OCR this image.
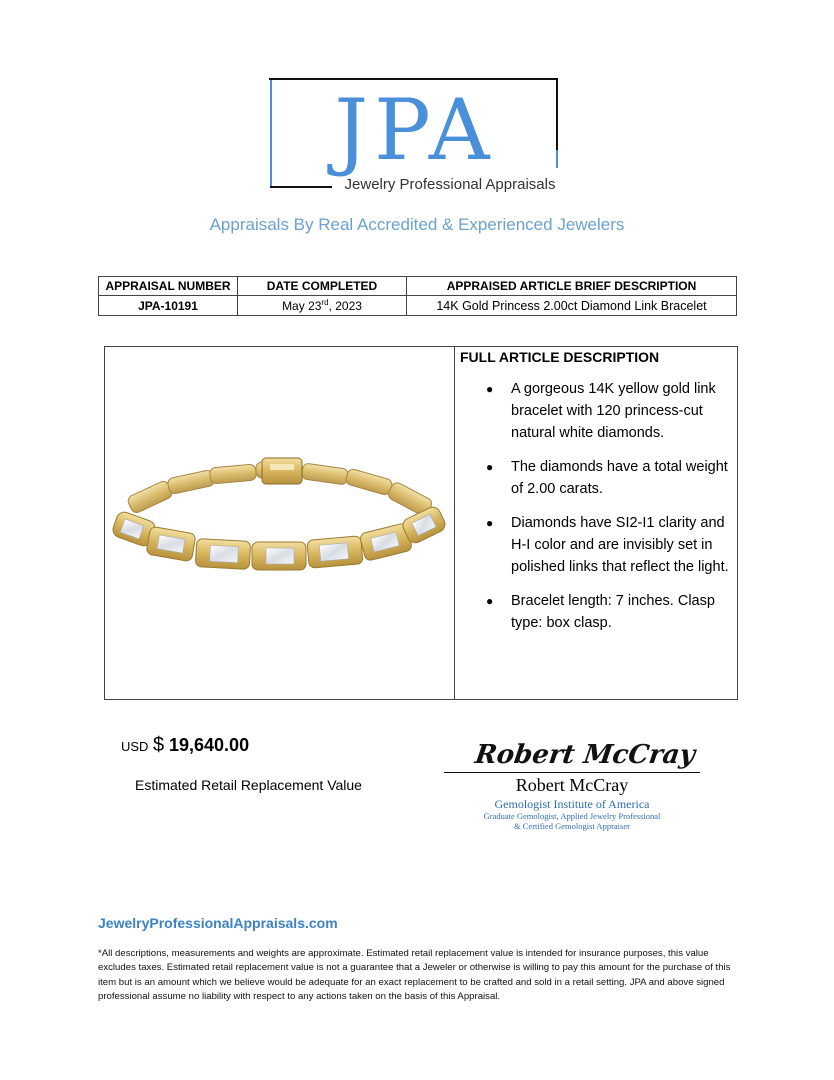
JPA
Jewelry Professional Appraisals
Appraisals By Real Accredited & Experienced Jewelers
APPRAISAL NUMBER	DATE COMPLETED	APPRAISED ARTICLE BRIEF DESCRIPTION
JPA-10191	May 23rd, 2023	14K Gold Princess 2.00ct Diamond Link Bracelet
FULL ARTICLE DESCRIPTION
● A gorgeous 14K yellow gold link bracelet with 120 princess-cut natural white diamonds.
● The diamonds have a total weight of 2.00 carats.
● Diamonds have SI2-I1 clarity and H-I color and are invisibly set in polished links that reflect the light.
● Bracelet length: 7 inches. Clasp type: box clasp.
USD $ 19,640.00
Estimated Retail Replacement Value
Robert McCray
Robert McCray
Gemologist Institute of America
Graduate Gemologist, Applied Jewelry Professional
& Certified Gemologist Appraiser
JewelryProfessionalAppraisals.com
*All descriptions, measurements and weights are approximate. Estimated retail replacement value is intended for insurance purposes, this value excludes taxes. Estimated retail replacement value is not a guarantee that a Jeweler or otherwise is willing to pay this amount for the purchase of this item but is an amount which we believe would be adequate for an exact replacement to be crafted and sold in a retail setting. JPA and above signed professional assume no liability with respect to any actions taken on the basis of this Appraisal.
